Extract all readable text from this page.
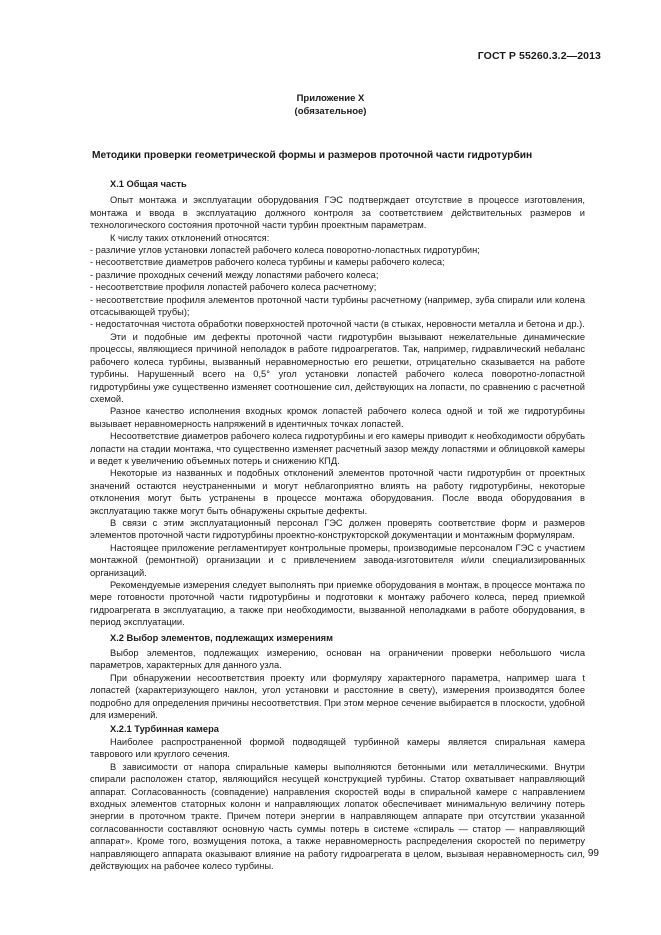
ГОСТ Р 55260.3.2—2013
Приложение Х
(обязательное)
Методики проверки геометрической формы и размеров проточной части гидротурбин
Х.1 Общая часть

Опыт монтажа и эксплуатации оборудования ГЭС подтверждает отсутствие в процессе изготовления, монтажа и ввода в эксплуатацию должного контроля за соответствием действительных размеров и технологического состояния проточной части турбин проектным параметрам.

К числу таких отклонений относятся:

- различие углов установки лопастей рабочего колеса поворотно-лопастных гидротурбин;

- несоответствие диаметров рабочего колеса турбины и камеры рабочего колеса;

- различие проходных сечений между лопастями рабочего колеса;

- несоответствие профиля лопастей рабочего колеса расчетному;

- несоответствие профиля элементов проточной части турбины расчетному (например, зуба спирали или колена отсасывающей трубы);

- недостаточная чистота обработки поверхностей проточной части (в стыках, неровности металла и бетона и др.).

Эти и подобные им дефекты проточной части гидротурбин вызывают нежелательные динамические процессы, являющиеся причиной неполадок в работе гидроагрегатов. Так, например, гидравлический небаланс рабочего колеса турбины, вызванный неравномерностью его решетки, отрицательно сказывается на работе турбины. Нарушенный всего на 0,5° угол установки лопастей рабочего колеса поворотно-лопастной гидротурбины уже существенно изменяет соотношение сил, действующих на лопасти, по сравнению с расчетной схемой.

Разное качество исполнения входных кромок лопастей рабочего колеса одной и той же гидротурбины вызывает неравномерность напряжений в идентичных точках лопастей.

Несоответствие диаметров рабочего колеса гидротурбины и его камеры приводит к необходимости обрубать лопасти на стадии монтажа, что существенно изменяет расчетный зазор между лопастями и облицовкой камеры и ведет к увеличению объемных потерь и снижению КПД.

Некоторые из названных и подобных отклонений элементов проточной части гидротурбин от проектных значений остаются неустраненными и могут неблагоприятно влиять на работу гидротурбины, некоторые отклонения могут быть устранены в процессе монтажа оборудования. После ввода оборудования в эксплуатацию также могут быть обнаружены скрытые дефекты.

В связи с этим эксплуатационный персонал ГЭС должен проверять соответствие форм и размеров элементов проточной части гидротурбины проектно-конструкторской документации и монтажным формулярам.

Настоящее приложение регламентирует контрольные промеры, производимые персоналом ГЭС с участием монтажной (ремонтной) организации и с привлечением завода-изготовителя и/или специализированных организаций.

Рекомендуемые измерения следует выполнять при приемке оборудования в монтаж, в процессе монтажа по мере готовности проточной части гидротурбины и подготовки к монтажу рабочего колеса, перед приемкой гидроагрегата в эксплуатацию, а также при необходимости, вызванной неполадками в работе оборудования, в период эксплуатации.

Х.2 Выбор элементов, подлежащих измерениям

Выбор элементов, подлежащих измерению, основан на ограничении проверки небольшого числа параметров, характерных для данного узла.

При обнаружении несоответствия проекту или формуляру характерного параметра, например шага t лопастей (характеризующего наклон, угол установки и расстояние в свету), измерения производятся более подробно для определения причины несоответствия. При этом мерное сечение выбирается в плоскости, удобной для измерений.

Х.2.1 Турбинная камера

Наиболее распространенной формой подводящей турбинной камеры является спиральная камера таврового или круглого сечения.

В зависимости от напора спиральные камеры выполняются бетонными или металлическими. Внутри спирали расположен статор, являющийся несущей конструкцией турбины. Статор охватывает направляющий аппарат. Согласованность (совпадение) направления скоростей воды в спиральной камере с направлением входных элементов статорных колонн и направляющих лопаток обеспечивает минимальную величину потерь энергии в проточном тракте. Причем потери энергии в направляющем аппарате при отсутствии указанной согласованности составляют основную часть суммы потерь в системе «спираль — статор — направляющий аппарат». Кроме того, возмущения потока, а также неравномерность распределения скоростей по периметру направляющего аппарата оказывают влияние на работу гидроагрегата в целом, вызывая неравномерность сил, действующих на рабочее колесо турбины.

99
